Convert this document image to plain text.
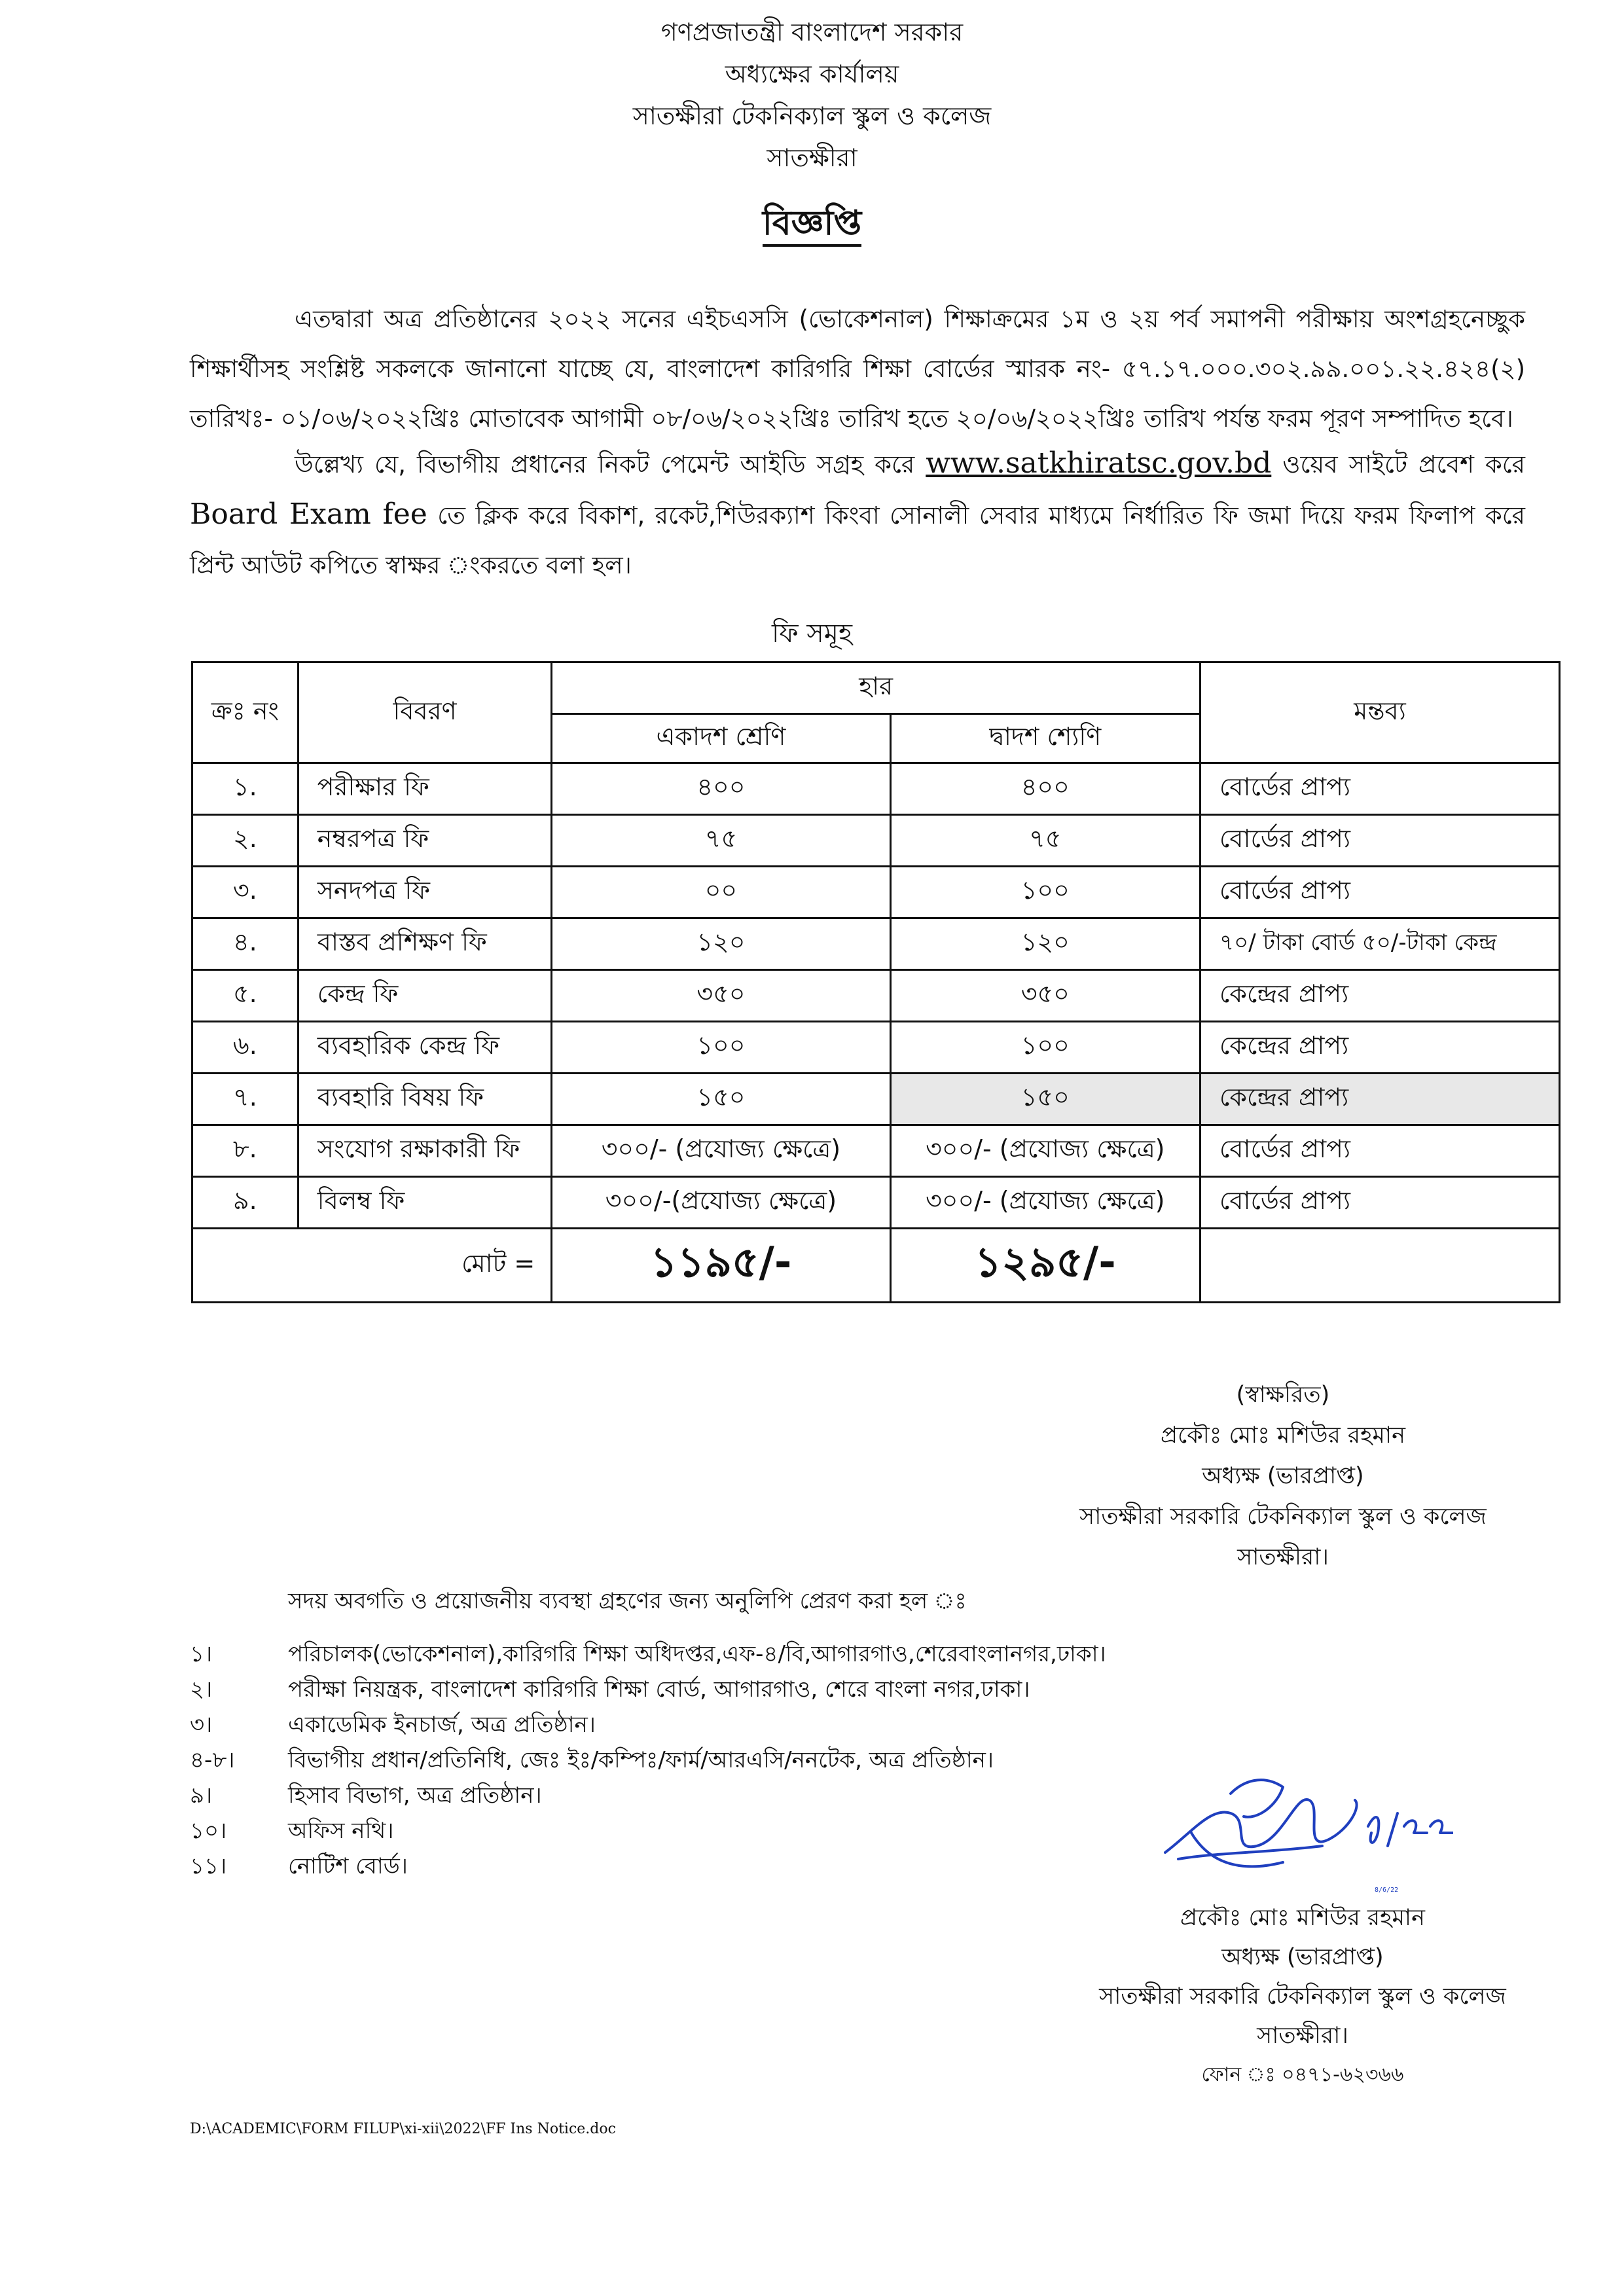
গণপ্রজাতন্ত্রী বাংলাদেশ সরকার
অধ্যক্ষের কার্যালয়
সাতক্ষীরা টেকনিক্যাল স্কুল ও কলেজ
সাতক্ষীরা
বিজ্ঞপ্তি
এতদ্বারা অত্র প্রতিষ্ঠানের ২০২২ সনের এইচএসসি (ভোকেশনাল) শিক্ষাক্রমের ১ম ও ২য় পর্ব সমাপনী পরীক্ষায় অংশগ্রহনেচ্ছুক শিক্ষার্থীসহ সংশ্লিষ্ট সকলকে জানানো যাচ্ছে যে, বাংলাদেশ কারিগরি শিক্ষা বোর্ডের স্মারক নং- ৫৭.১৭.০০০.৩০২.৯৯.০০১.২২.৪২৪(২) তারিখঃ- ০১/০৬/২০২২খ্রিঃ মোতাবেক আগামী ০৮/০৬/২০২২খ্রিঃ তারিখ হতে ২০/০৬/২০২২খ্রিঃ তারিখ পর্যন্ত ফরম পূরণ সম্পাদিত হবে।
উল্লেখ্য যে, বিভাগীয় প্রধানের নিকট পেমেন্ট আইডি সগ্রহ করে www.satkhiratsc.gov.bd ওয়েব সাইটে প্রবেশ করে Board Exam fee তে ক্লিক করে বিকাশ, রকেট,শিউরক্যাশ কিংবা সোনালী সেবার মাধ্যমে নির্ধারিত ফি জমা দিয়ে ফরম ফিলাপ করে প্রিন্ট আউট কপিতে স্বাক্ষর ংকরতে বলা হল।
ফি সমূহ
ক্রঃ নং	বিবরণ	হার		মন্তব্য
		একাদশ শ্রেণি	দ্বাদশ শ্যেণি	
১.	পরীক্ষার ফি	৪০০	৪০০	বোর্ডের প্রাপ্য
২.	নম্বরপত্র ফি	৭৫	৭৫	বোর্ডের প্রাপ্য
৩.	সনদপত্র ফি	০০	১০০	বোর্ডের প্রাপ্য
৪.	বাস্তব প্রশিক্ষণ ফি	১২০	১২০	৭০/ টাকা বোর্ড ৫০/-টাকা কেন্দ্র
৫.	কেন্দ্র ফি	৩৫০	৩৫০	কেন্দ্রের প্রাপ্য
৬.	ব্যবহারিক কেন্দ্র ফি	১০০	১০০	কেন্দ্রের প্রাপ্য
৭.	ব্যবহারি বিষয় ফি	১৫০	১৫০	কেন্দ্রের প্রাপ্য
৮.	সংযোগ রক্ষাকারী ফি	৩০০/- (প্রযোজ্য ক্ষেত্রে)	৩০০/- (প্রযোজ্য ক্ষেত্রে)	বোর্ডের প্রাপ্য
৯.	বিলম্ব ফি	৩০০/-(প্রযোজ্য ক্ষেত্রে)	৩০০/- (প্রযোজ্য ক্ষেত্রে)	বোর্ডের প্রাপ্য
মোট =		১১৯৫/-	১২৯৫/-	
(স্বাক্ষরিত)
প্রকৌঃ মোঃ মশিউর রহমান
অধ্যক্ষ (ভারপ্রাপ্ত)
সাতক্ষীরা সরকারি টেকনিক্যাল স্কুল ও কলেজ
সাতক্ষীরা।
সদয় অবগতি ও প্রয়োজনীয় ব্যবস্থা গ্রহণের জন্য অনুলিপি প্রেরণ করা হল ঃ
১।	পরিচালক(ভোকেশনাল),কারিগরি শিক্ষা অধিদপ্তর,এফ-৪/বি,আগারগাও,শেরেবাংলানগর,ঢাকা।
২।	পরীক্ষা নিয়ন্ত্রক, বাংলাদেশ কারিগরি শিক্ষা বোর্ড, আগারগাও, শেরে বাংলা নগর,ঢাকা।
৩।	একাডেমিক ইনচার্জ, অত্র প্রতিষ্ঠান।
৪-৮।	বিভাগীয় প্রধান/প্রতিনিধি, জেঃ ইঃ/কম্পিঃ/ফার্ম/আরএসি/ননটেক, অত্র প্রতিষ্ঠান।
৯।	হিসাব বিভাগ, অত্র প্রতিষ্ঠান।
১০।	অফিস নথি।
১১।	নোটিশ বোর্ড।
8/6/22
প্রকৌঃ মোঃ মশিউর রহমান
অধ্যক্ষ (ভারপ্রাপ্ত)
সাতক্ষীরা সরকারি টেকনিক্যাল স্কুল ও কলেজ
সাতক্ষীরা।
ফোন ঃ ০৪৭১-৬২৩৬৬
D:\ACADEMIC\FORM FILUP\xi-xii\2022\FF Ins Notice.doc
